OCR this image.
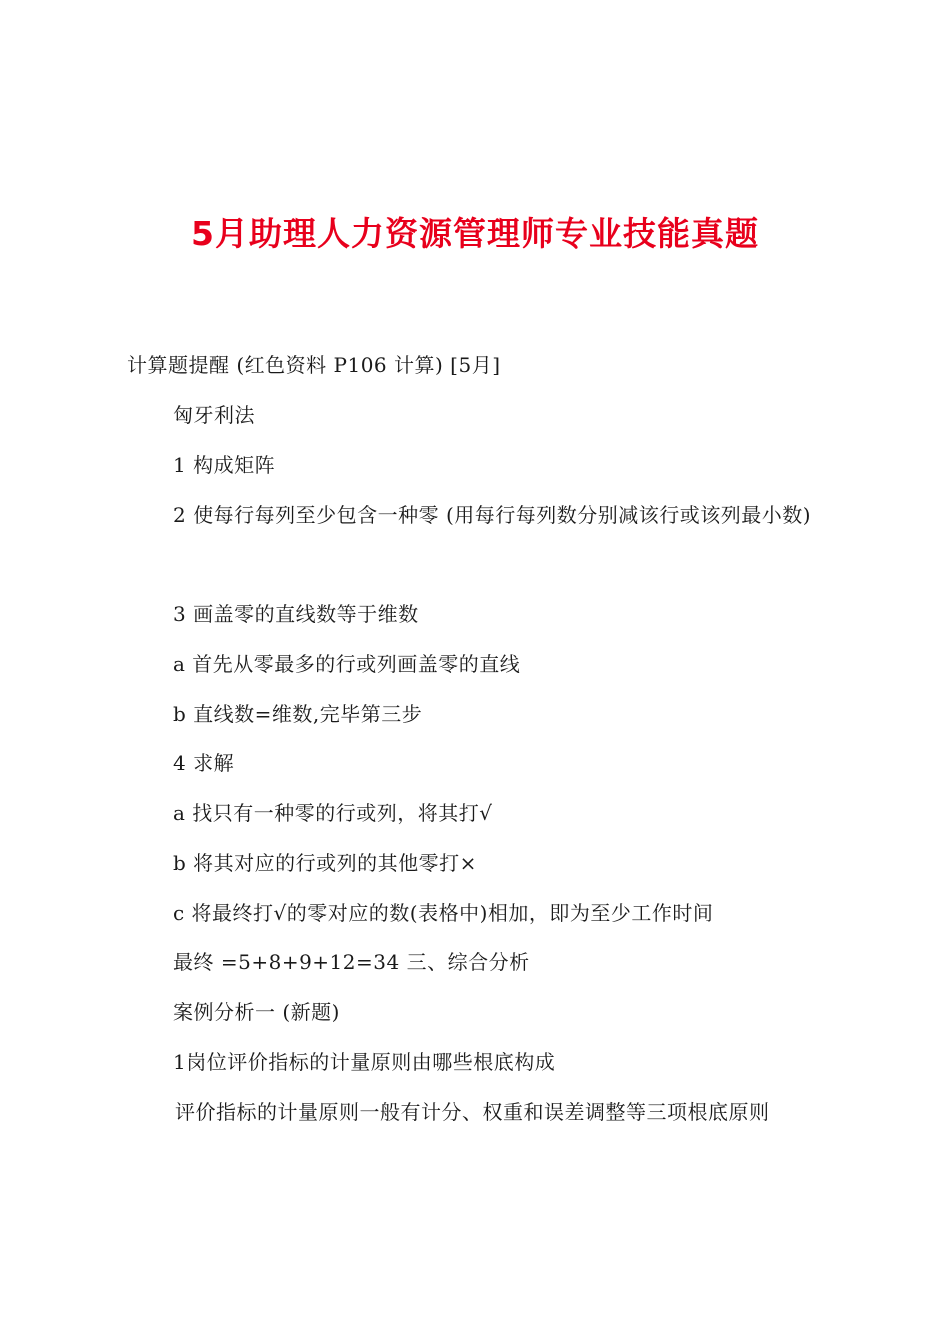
5月助理人力资源管理师专业技能真题
计算题提醒 (红色资料 P106 计算) [5月]
匈牙利法
1 构成矩阵
2 使每行每列至少包含一种零 (用每行每列数分别减该行或该列最小数)
3 画盖零的直线数等于维数
a 首先从零最多的行或列画盖零的直线
b 直线数=维数,完毕第三步
4 求解
a 找只有一种零的行或列，将其打√
b 将其对应的行或列的其他零打×
c 将最终打√的零对应的数(表格中)相加，即为至少工作时间
最终 =5+8+9+12=34 三、综合分析
案例分析一 (新题)
1岗位评价指标的计量原则由哪些根底构成
评价指标的计量原则一般有计分、权重和误差调整等三项根底原则
